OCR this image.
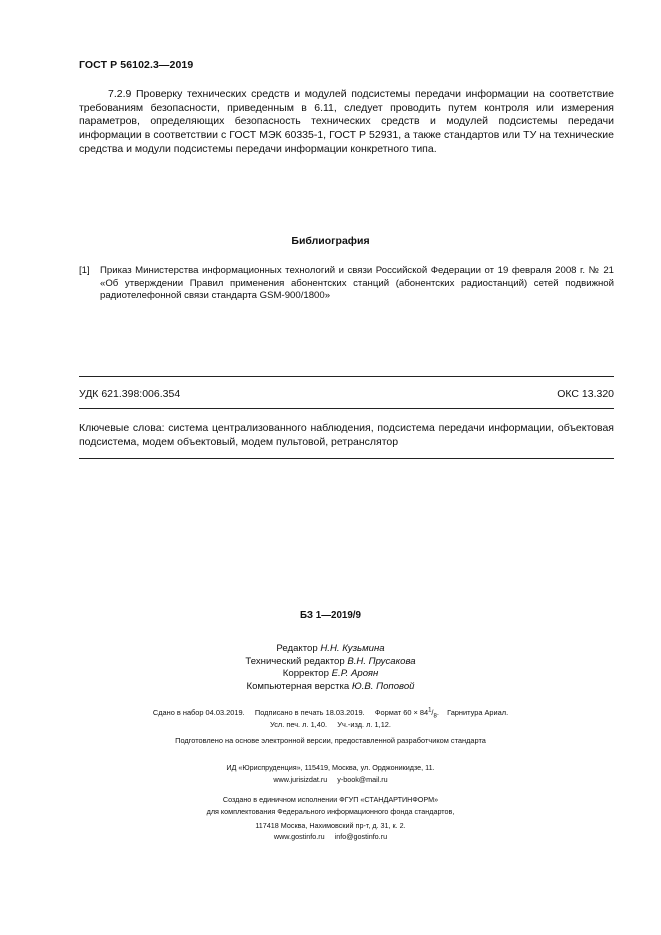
ГОСТ Р 56102.3—2019

7.2.9 Проверку технических средств и модулей подсистемы передачи информации на соответствие требованиям безопасности, приведенным в 6.11, следует проводить путем контроля или измерения параметров, определяющих безопасность технических средств и модулей подсистемы передачи информации в соответствии с ГОСТ МЭК 60335-1, ГОСТ Р 52931, а также стандартов или ТУ на технические средства и модули подсистемы передачи информации конкретного типа.

Библиография
[1] Приказ Министерства информационных технологий и связи Российской Федерации от 19 февраля 2008 г. № 21 «Об утверждении Правил применения абонентских станций (абонентских радиостанций) сетей подвижной радиотелефонной связи стандарта GSM-900/1800»
УДК 621.398:006.354	ОКС 13.320
Ключевые слова: система централизованного наблюдения, подсистема передачи информации, объектовая подсистема, модем объектовый, модем пультовой, ретранслятор
БЗ 1—2019/9
Редактор Н.Н. Кузьмина
Технический редактор В.Н. Прусакова
Корректор Е.Р. Ароян
Компьютерная верстка Ю.В. Поповой
Сдано в набор 04.03.2019. Подписано в печать 18.03.2019. Формат $60 \times 84^1/_8$. Гарнитура Ариал.
Усл. печ. л. 1,40.     Уч.-изд. л. 1,12.
Подготовлено на основе электронной версии, предоставленной разработчиком стандарта
ИД «Юриспруденция», 115419, Москва, ул. Орджоникидзе, 11.
www.jurisizdat.ru     y-book@mail.ru
Создано в единичном исполнении ФГУП «СТАНДАРТИНФОРМ»
для комплектования Федерального информационного фонда стандартов,
117418 Москва, Нахимовский пр-т, д. 31, к. 2.
www.gostinfo.ru     info@gostinfo.ru
